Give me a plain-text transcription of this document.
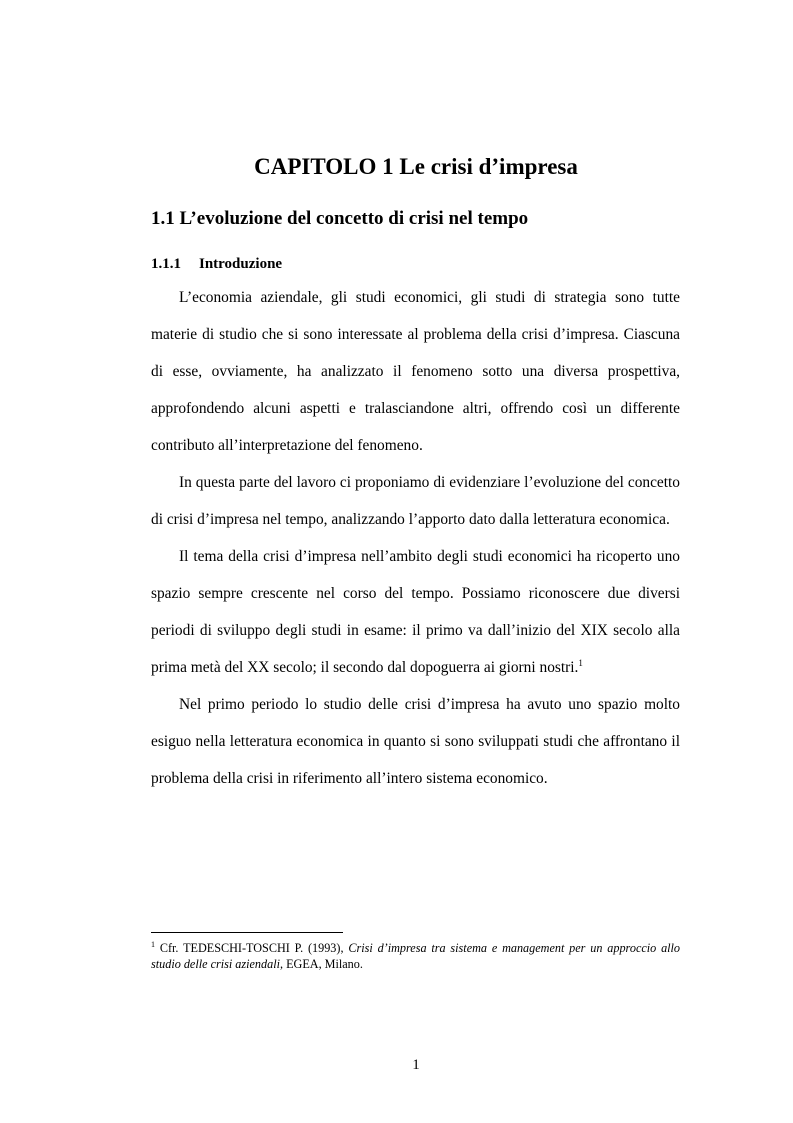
CAPITOLO 1 Le crisi d’impresa
1.1 L’evoluzione del concetto di crisi nel tempo
1.1.1 Introduzione

L’economia aziendale, gli studi economici, gli studi di strategia sono tutte materie di studio che si sono interessate al problema della crisi d’impresa. Ciascuna di esse, ovviamente, ha analizzato il fenomeno sotto una diversa prospettiva, approfondendo alcuni aspetti e tralasciandone altri, offrendo così un differente contributo all’interpretazione del fenomeno.

In questa parte del lavoro ci proponiamo di evidenziare l’evoluzione del concetto di crisi d’impresa nel tempo, analizzando l’apporto dato dalla letteratura economica.

Il tema della crisi d’impresa nell’ambito degli studi economici ha ricoperto uno spazio sempre crescente nel corso del tempo. Possiamo riconoscere due diversi periodi di sviluppo degli studi in esame: il primo va dall’inizio del XIX secolo alla prima metà del XX secolo; il secondo dal dopoguerra ai giorni nostri.$^1$

Nel primo periodo lo studio delle crisi d’impresa ha avuto uno spazio molto esiguo nella letteratura economica in quanto si sono sviluppati studi che affrontano il problema della crisi in riferimento all’intero sistema economico.

$^1$ Cfr. TEDESCHI-TOSCHI P. (1993), Crisi d’impresa tra sistema e management per un approccio allo studio delle crisi aziendali, EGEA, Milano.

1
